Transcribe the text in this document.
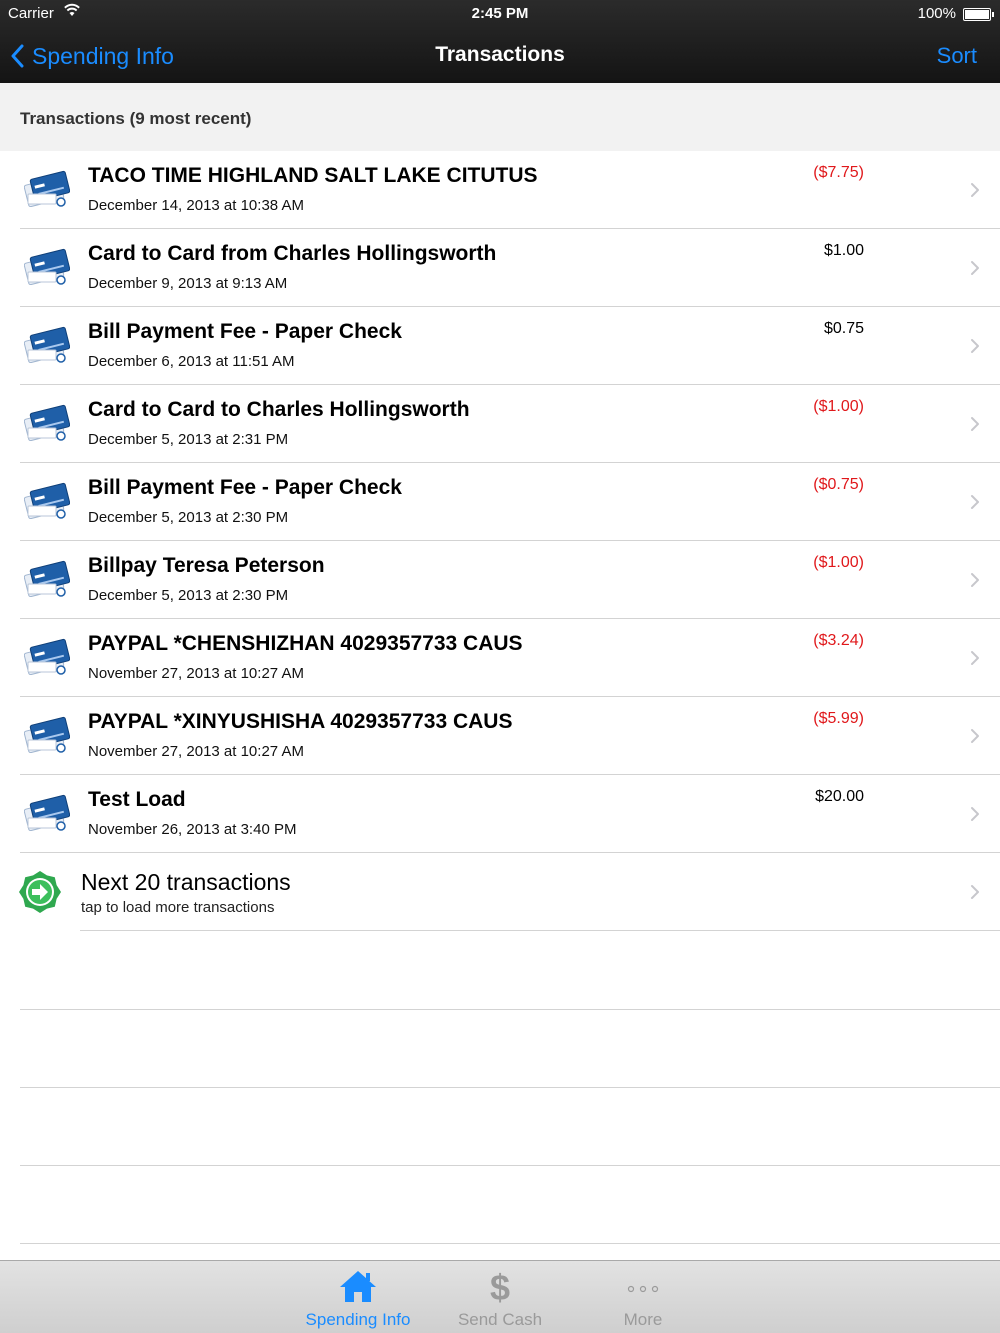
Carrier	2:45 PM	100%
Spending Info	Transactions	Sort
Transactions (9 most recent)
TACO TIME HIGHLAND SALT LAKE CITUTUS
December 14, 2013 at 10:38 AM
($7.75)
Card to Card from Charles Hollingsworth
December 9, 2013 at 9:13 AM
$1.00
Bill Payment Fee - Paper Check
December 6, 2013 at 11:51 AM
$0.75
Card to Card to Charles Hollingsworth
December 5, 2013 at 2:31 PM
($1.00)
Bill Payment Fee - Paper Check
December 5, 2013 at 2:30 PM
($0.75)
Billpay Teresa Peterson
December 5, 2013 at 2:30 PM
($1.00)
PAYPAL *CHENSHIZHAN 4029357733 CAUS
November 27, 2013 at 10:27 AM
($3.24)
PAYPAL *XINYUSHISHA 4029357733 CAUS
November 27, 2013 at 10:27 AM
($5.99)
Test Load
November 26, 2013 at 3:40 PM
$20.00
Next 20 transactions
tap to load more transactions
Spending Info
$
Send Cash	More
